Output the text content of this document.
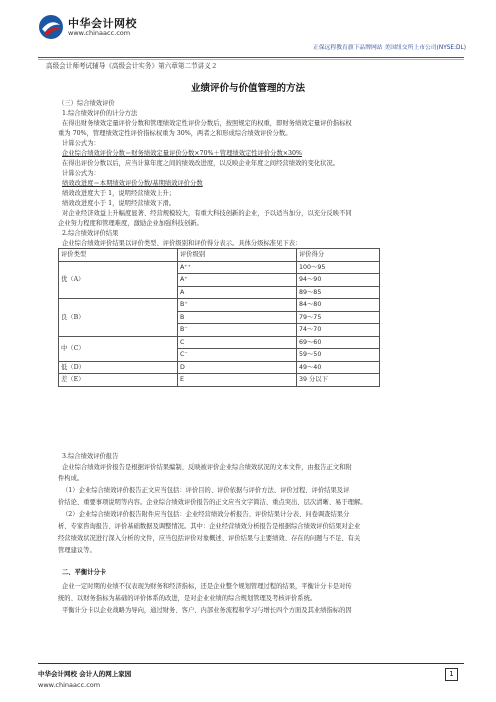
中华会计网校
www.chinaacc.com
正保远程教育旗下品牌网站 美国纽交所上市公司(NYSE:DL)
高级会计师考试辅导《高级会计实务》第六章第二节讲义２
业绩评价与价值管理的方法
（三）综合绩效评价
1.综合绩效评价的计分方法
在得出财务绩效定量评价分数和管理绩效定性评价分数后，按照规定的权重，即财务绩效定量评价指标权
重为 70%，管理绩效定性评价指标权重为 30%，两者之和形成综合绩效评价分数。
计算公式为：
企业综合绩效评价分数＝财务绩效定量评价分数×70%＋管理绩效定性评价分数×30%
在得出评价分数以后，应当计算年度之间的绩效改进度，以反映企业年度之间经营绩效的变化状况。
计算公式为：
绩效改进度＝本期绩效评价分数/基期绩效评价分数
绩效改进度大于 1，说明经营绩效上升；
绩效改进度小于 1，说明经营绩效下滑。
对企业经济效益上升幅度显著、经营规模较大，有重大科技创新的企业，予以适当加分，以充分反映不同
企业努力程度和管理难度，激励企业加强科技创新。
2.综合绩效评价结果
企业综合绩效评价结果以评价类型、评价级别和评价得分表示。具体分级标准见下表：
评价类型	评价级别	评价得分
优（A）	A⁺⁺	100～95
	A⁺	94～90
	A	89～85
良（B）	B⁺	84～80
	B	79～75
	B⁻	74～70
中（C）	C	69～60
	C⁻	59～50
低（D）	D	49～40
差（E）	E	39 分以下
3.综合绩效评价报告
企业综合绩效评价报告是根据评价结果编制、反映被评价企业综合绩效状况的文本文件，由报告正文和附
件构成。
（1）企业综合绩效评价报告正文应当包括：评价目的、评价依据与评价方法、评价过程、评价结果及评
价结论、重要事项说明等内容。企业综合绩效评价报告的正文应当文字简洁、重点突出、层次清晰、易于理解。
（2）企业综合绩效评价报告附件应当包括：企业经营绩效分析报告、评价结果计分表、问卷调查结果分
析、专家咨询报告、评价基础数据及调整情况。其中：企业经营绩效分析报告是根据综合绩效评价结果对企业
经营绩效状况进行深入分析的文件，应当包括评价对象概述、评价结果与主要绩效、存在的问题与不足、有关
管理建议等。
二、平衡计分卡
企业一定时期的业绩不仅表现为财务和经济指标，还是企业整个规划管理过程的结果，平衡计分卡是对传
统的、以财务指标为基础的评价体系的改进，是对企业业绩的综合规划管理及考核评价系统。
平衡计分卡以企业战略为导向，通过财务、客户、内部业务流程和学习与增长四个方面及其业绩指标的因
中华会计网校 会计人的网上家园
www.chinaacc.com
1
